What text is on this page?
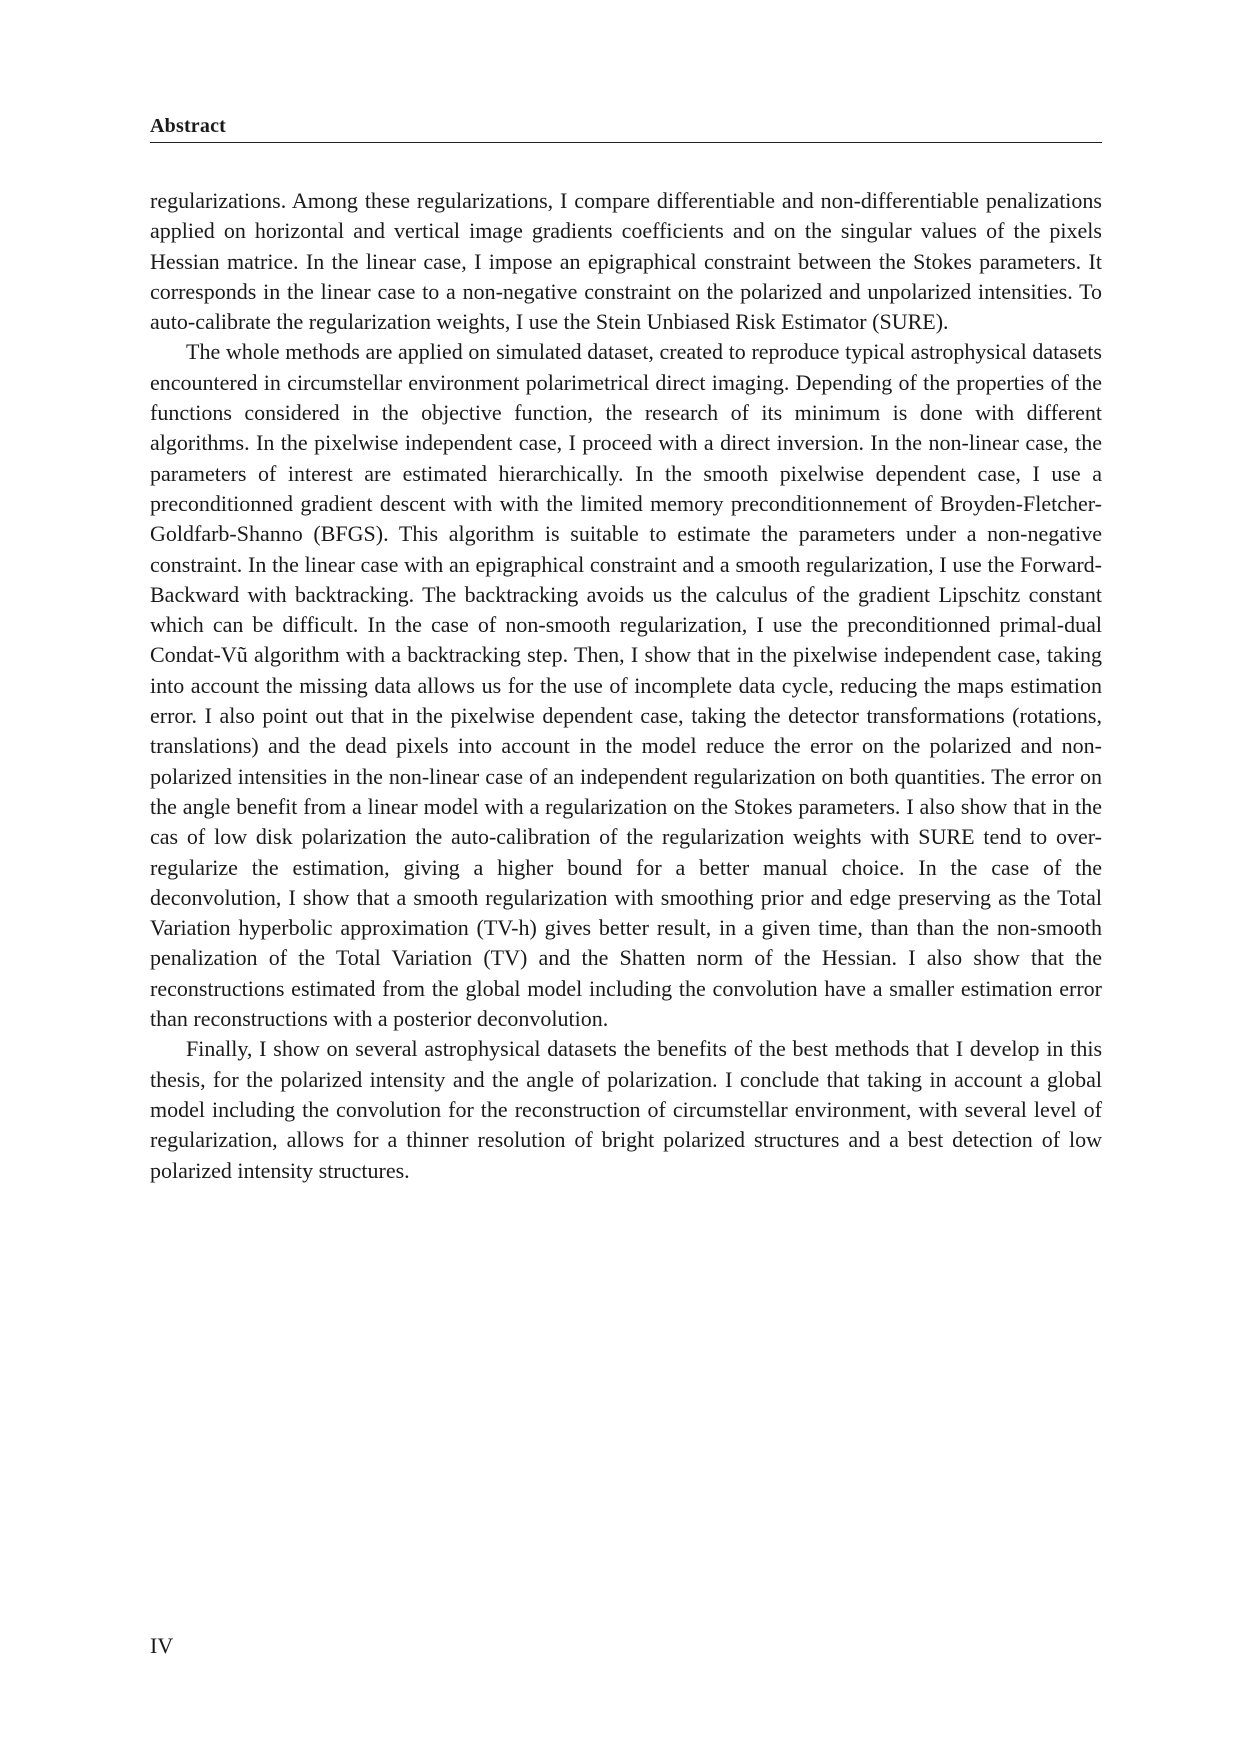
Abstract

regularizations. Among these regularizations, I compare differentiable and non-differentiable penalizations applied on horizontal and vertical image gradients coefficients and on the singular values of the pixels Hessian matrice. In the linear case, I impose an epigraphical constraint between the Stokes parameters. It corresponds in the linear case to a non-negative constraint on the polarized and unpolarized intensities. To auto-calibrate the regularization weights, I use the Stein Unbiased Risk Estimator (SURE).

The whole methods are applied on simulated dataset, created to reproduce typical astrophysical datasets encountered in circumstellar environment polarimetrical direct imaging. Depending of the properties of the functions considered in the objective function, the research of its minimum is done with different algorithms. In the pixelwise independent case, I proceed with a direct inversion. In the non-linear case, the parameters of interest are estimated hierarchically. In the smooth pixelwise dependent case, I use a preconditionned gradient descent with with the limited memory preconditionnement of Broyden-Fletcher-Goldfarb-Shanno (BFGS). This algorithm is suitable to estimate the parameters under a non-negative constraint. In the linear case with an epigraphical constraint and a smooth regularization, I use the Forward-Backward with backtracking. The backtracking avoids us the calculus of the gradient Lipschitz constant which can be difficult. In the case of non-smooth regularization, I use the preconditionned primal-dual Condat-Vũ algorithm with a backtracking step. Then, I show that in the pixelwise independent case, taking into account the missing data allows us for the use of incomplete data cycle, reducing the maps estimation error. I also point out that in the pixelwise dependent case, taking the detector transformations (rotations, translations) and the dead pixels into account in the model reduce the error on the polarized and non-polarized intensities in the non-linear case of an independent regularization on both quantities. The error on the angle benefit from a linear model with a regularization on the Stokes parameters. I also show that in the cas of low disk polarization the auto-calibration of the regularization weights with SURE tend to over-regularize the estimation, giving a higher bound for a better manual choice. In the case of the deconvolution, I show that a smooth regularization with smoothing prior and edge preserving as the Total Variation hyperbolic approximation (TV-h) gives better result, in a given time, than than the non-smooth penalization of the Total Variation (TV) and the Shatten norm of the Hessian. I also show that the reconstructions estimated from the global model including the convolution have a smaller estimation error than reconstructions with a posterior deconvolution.

Finally, I show on several astrophysical datasets the benefits of the best methods that I develop in this thesis, for the polarized intensity and the angle of polarization. I conclude that taking in account a global model including the convolution for the reconstruction of circumstellar environment, with several level of regularization, allows for a thinner resolution of bright polarized structures and a best detection of low polarized intensity structures.

IV
